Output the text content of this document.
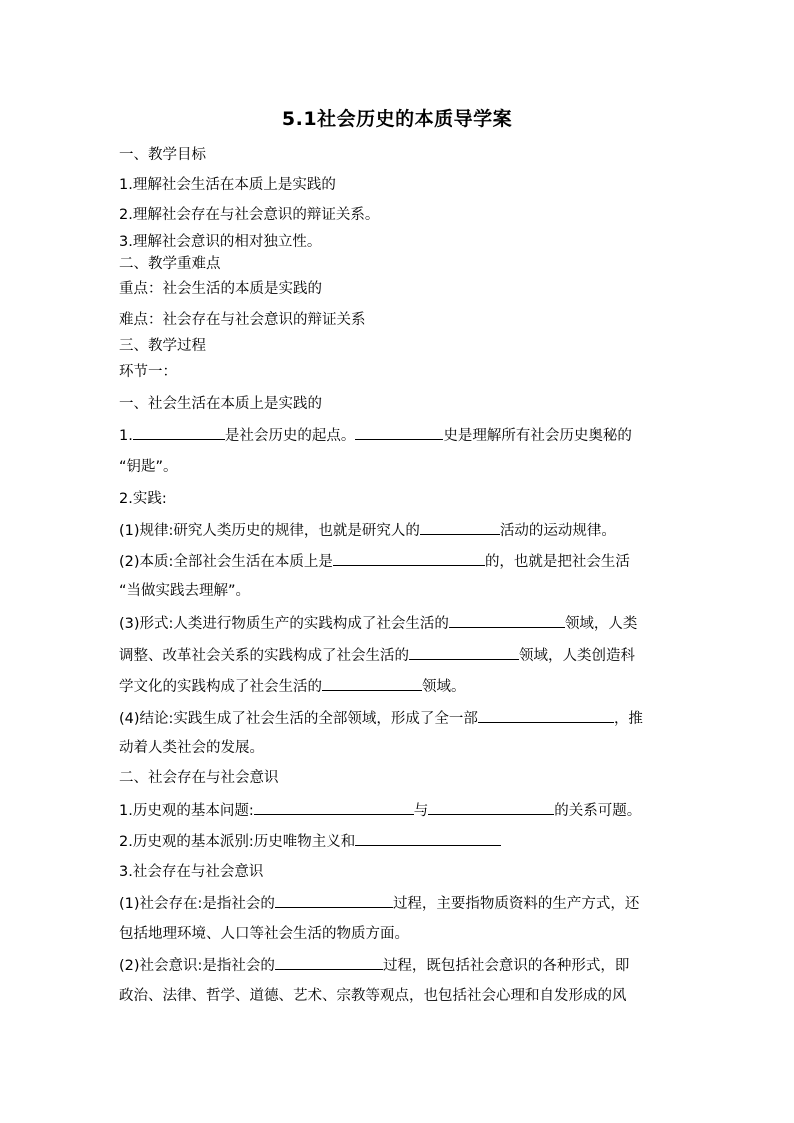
5.1社会历史的本质导学案
一、教学目标
1.理解社会生活在本质上是实践的
2.理解社会存在与社会意识的辩证关系。
3.理解社会意识的相对独立性。
二、教学重难点
重点：社会生活的本质是实践的
难点：社会存在与社会意识的辩证关系
三、教学过程
环节一：
一、社会生活在本质上是实践的
1.	是社会历史的起点。	史是理解所有社会历史奥秘的
“钥匙”。
2.实践:
(1)规律:研究人类历史的规律，也就是研究人的	活动的运动规律。
(2)本质:全部社会生活在本质上是	的，也就是把社会生活
“当做实践去理解”。
(3)形式:人类进行物质生产的实践构成了社会生活的	领域，人类
调整、改革社会关系的实践构成了社会生活的	领域，人类创造科
学文化的实践构成了社会生活的	领域。
(4)结论:实践生成了社会生活的全部领域，形成了全一部	，推
动着人类社会的发展。
二、社会存在与社会意识
1.历史观的基本问题:	与	的关系可题。
2.历史观的基本派别:历史唯物主义和
3.社会存在与社会意识
(1)社会存在:是指社会的	过程，主要指物质资料的生产方式，还
包括地理环境、人口等社会生活的物质方面。
(2)社会意识:是指社会的	过程，既包括社会意识的各种形式，即
政治、法律、哲学、道德、艺术、宗教等观点，也包括社会心理和自发形成的风
